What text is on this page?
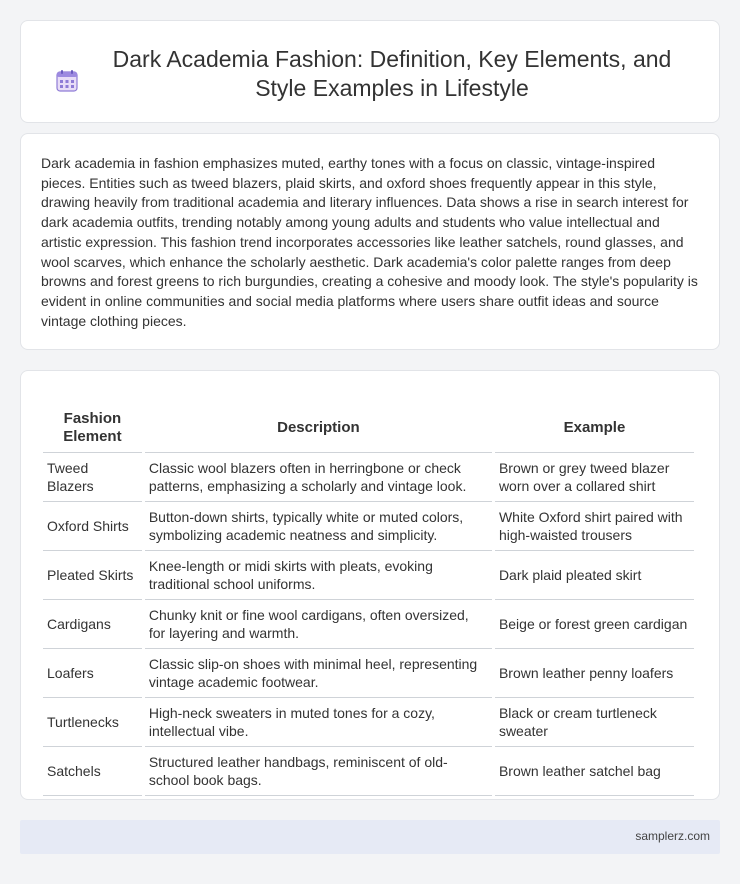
Dark Academia Fashion: Definition, Key Elements, and Style Examples in Lifestyle

Dark academia in fashion emphasizes muted, earthy tones with a focus on classic, vintage-inspired pieces. Entities such as tweed blazers, plaid skirts, and oxford shoes frequently appear in this style, drawing heavily from traditional academia and literary influences. Data shows a rise in search interest for dark academia outfits, trending notably among young adults and students who value intellectual and artistic expression. This fashion trend incorporates accessories like leather satchels, round glasses, and wool scarves, which enhance the scholarly aesthetic. Dark academia's color palette ranges from deep browns and forest greens to rich burgundies, creating a cohesive and moody look. The style's popularity is evident in online communities and social media platforms where users share outfit ideas and source vintage clothing pieces.

Fashion Element	Description	Example
Tweed Blazers	Classic wool blazers often in herringbone or check patterns, emphasizing a scholarly and vintage look.	Brown or grey tweed blazer worn over a collared shirt
Oxford Shirts	Button-down shirts, typically white or muted colors, symbolizing academic neatness and simplicity.	White Oxford shirt paired with high-waisted trousers
Pleated Skirts	Knee-length or midi skirts with pleats, evoking traditional school uniforms.	Dark plaid pleated skirt
Cardigans	Chunky knit or fine wool cardigans, often oversized, for layering and warmth.	Beige or forest green cardigan
Loafers	Classic slip-on shoes with minimal heel, representing vintage academic footwear.	Brown leather penny loafers
Turtlenecks	High-neck sweaters in muted tones for a cozy, intellectual vibe.	Black or cream turtleneck sweater
Satchels	Structured leather handbags, reminiscent of old-school book bags.	Brown leather satchel bag
samplerz.com
